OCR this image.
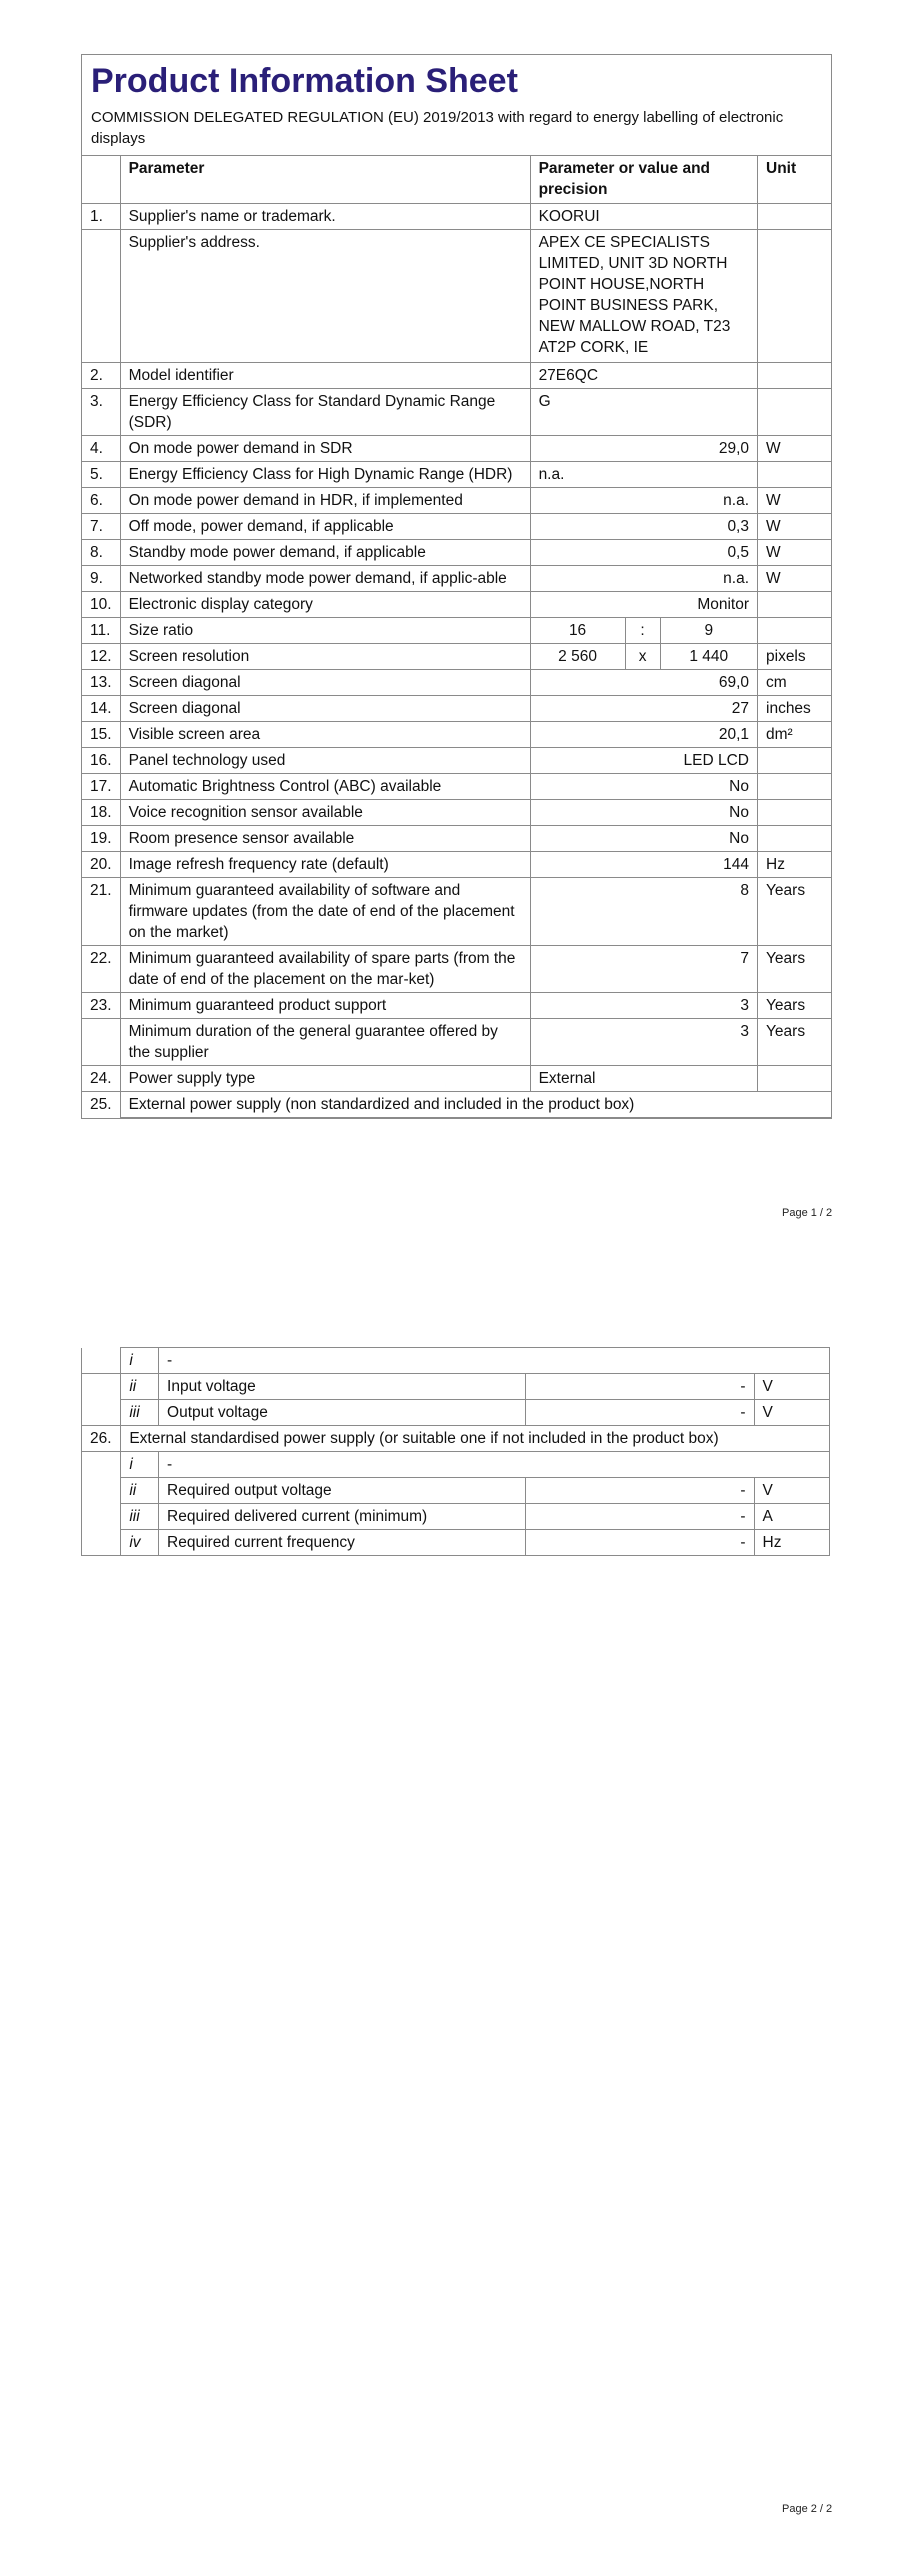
Product Information Sheet
COMMISSION DELEGATED REGULATION (EU) 2019/2013 with regard to energy labelling of electronic displays
	Parameter	Parameter or value and precision			Unit
1.	Supplier's name or trademark.	KOORUI			
	Supplier's address.	APEX CE SPECIALISTS LIMITED, UNIT 3D NORTH POINT HOUSE,NORTH POINT BUSINESS PARK, NEW MALLOW ROAD, T23 AT2P CORK, IE			
2.	Model identifier	27E6QC			
3.	Energy Efficiency Class for Standard Dynamic Range (SDR)	G			
4.	On mode power demand in SDR	29,0			W
5.	Energy Efficiency Class for High Dynamic Range (HDR)	n.a.			
6.	On mode power demand in HDR, if implemented	n.a.			W
7.	Off mode, power demand, if applicable	0,3			W
8.	Standby mode power demand, if applicable	0,5			W
9.	Networked standby mode power demand, if applic-able	n.a.			W
10.	Electronic display category	Monitor			
11.	Size ratio	16	:	9	
12.	Screen resolution	2 560	x	1 440	pixels
13.	Screen diagonal	69,0			cm
14.	Screen diagonal	27			inches
15.	Visible screen area	20,1			dm²
16.	Panel technology used	LED LCD			
17.	Automatic Brightness Control (ABC) available	No			
18.	Voice recognition sensor available	No			
19.	Room presence sensor available	No			
20.	Image refresh frequency rate (default)	144			Hz
21.	Minimum guaranteed availability of software and firmware updates (from the date of end of the placement on the market)	8			Years
22.	Minimum guaranteed availability of spare parts (from the date of end of the placement on the mar-ket)	7			Years
23.	Minimum guaranteed product support	3			Years
	Minimum duration of the general guarantee offered by the supplier	3			Years
24.	Power supply type	External			
25.	External power supply (non standardized and included in the product box)				
Page 1 / 2
	i	-		
	ii	Input voltage	-	V
	iii	Output voltage	-	V
26.	External standardised power supply (or suitable one if not included in the product box)			
	i	-		
	ii	Required output voltage	-	V
	iii	Required delivered current (minimum)	-	A
	iv	Required current frequency	-	Hz
Page 2 / 2
